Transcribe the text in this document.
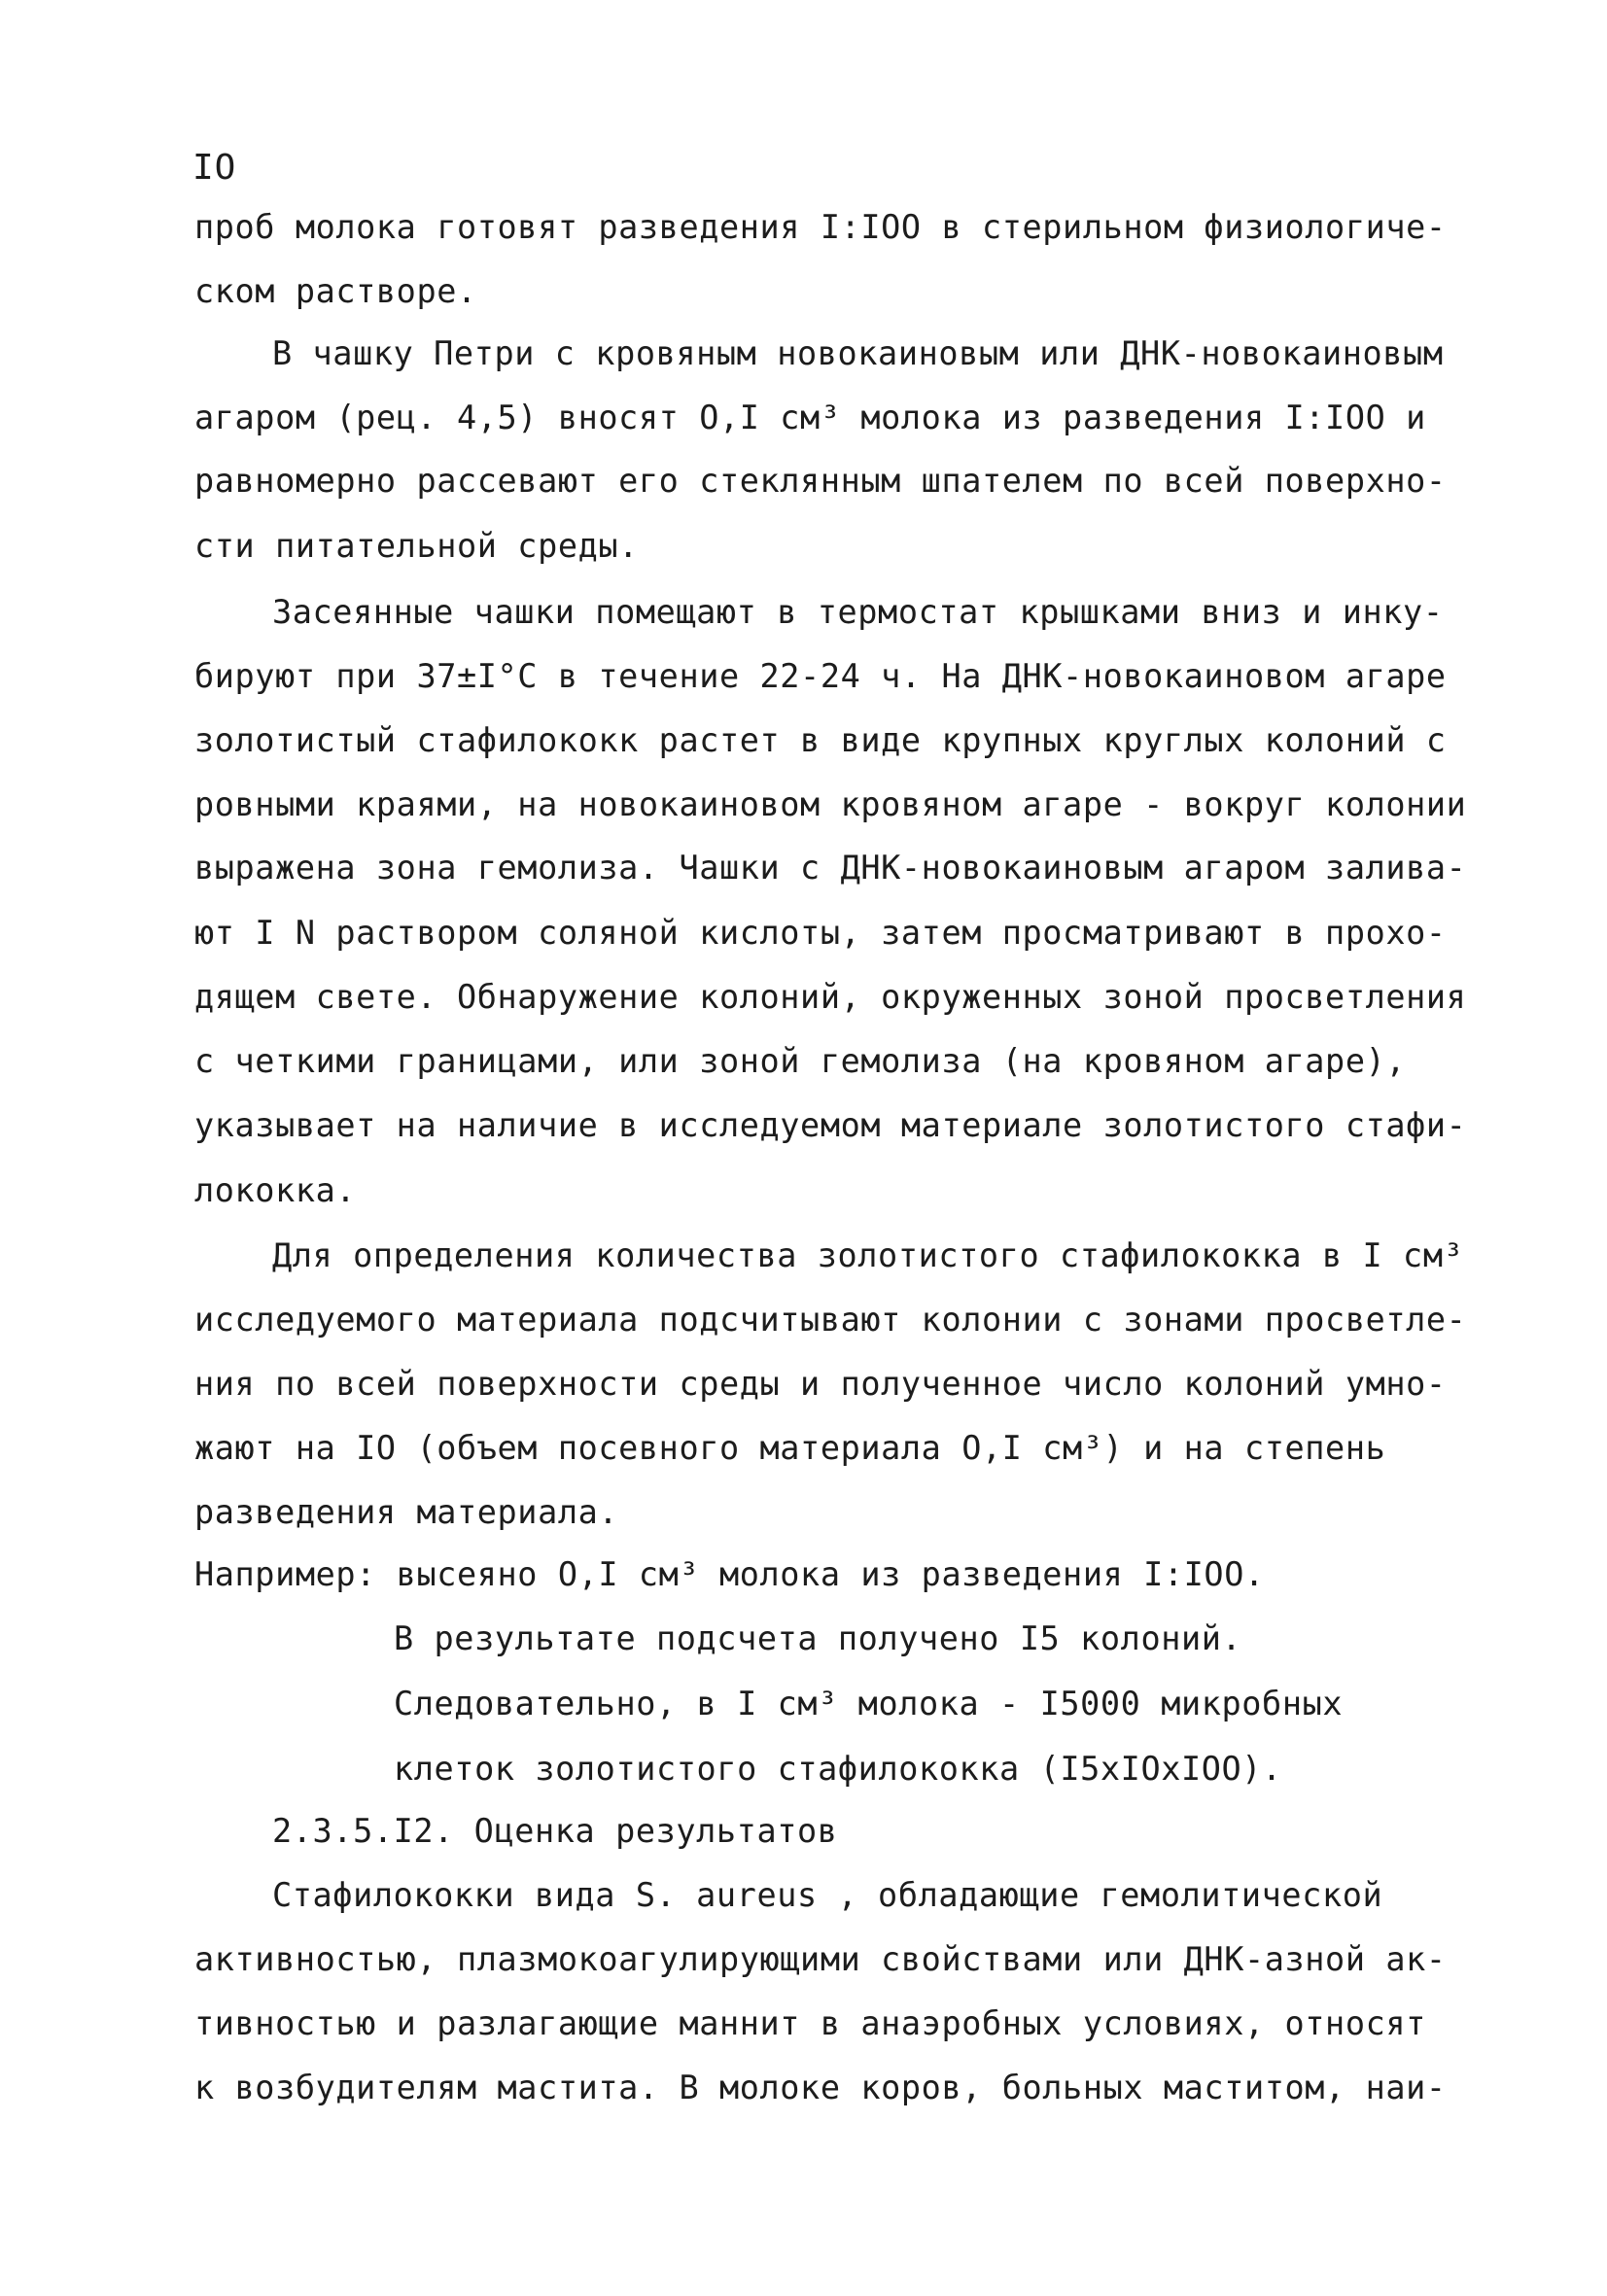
IO
проб молока готовят разведения I:IOO в стерильном физиологиче-
ском растворе.
В чашку Петри с кровяным новокаиновым или ДНК-новокаиновым
агаром (рец. 4,5) вносят О,I см³ молока из разведения I:IOO и
равномерно рассевают его стеклянным шпателем по всей поверхно-
сти питательной среды.
Засеянные чашки помещают в термостат крышками вниз и инку-
бируют при 37±I°С в течение 22-24 ч. На ДНК-новокаиновом агаре
золотистый стафилококк растет в виде крупных круглых колоний с
ровными краями, на новокаиновом кровяном агаре - вокруг колонии
выражена зона гемолиза. Чашки с ДНК-новокаиновым агаром залива-
ют I N раствором соляной кислоты, затем просматривают в прохо-
дящем свете. Обнаружение колоний, окруженных зоной просветления
с четкими границами, или зоной гемолиза (на кровяном агаре),
указывает на наличие в исследуемом материале золотистого стафи-
лококка.
Для определения количества золотистого стафилококка в I см³
исследуемого материала подсчитывают колонии с зонами просветле-
ния по всей поверхности среды и полученное число колоний умно-
жают на IО (объем посевного материала О,I см³) и на степень
разведения материала.
Например: высеяно О,I см³ молока из разведения I:IOO.
В результате подсчета получено I5 колоний.
Следовательно, в I см³ молока - I5000 микробных
клеток золотистого стафилококка (I5xIOxIOO).
2.3.5.I2. Оценка результатов
Стафилококки вида S. aureus , обладающие гемолитической
активностью, плазмокоагулирующими свойствами или ДНК-азной ак-
тивностью и разлагающие маннит в анаэробных условиях, относят
к возбудителям мастита. В молоке коров, больных маститом, наи-
